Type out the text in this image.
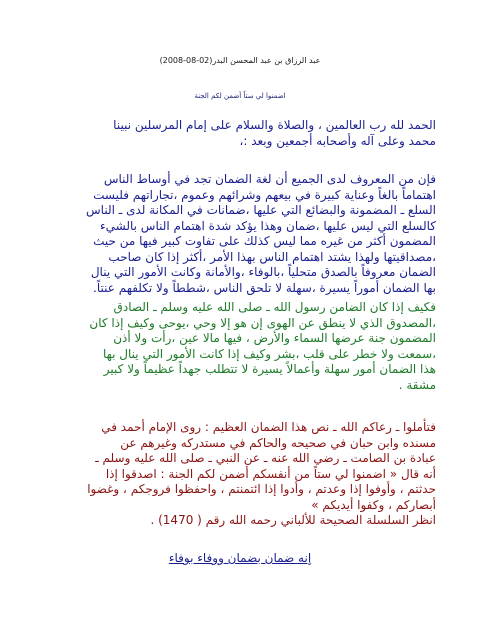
عبد الرزاق بن عبد المحسن البدر(02-08-2008)
اضمنوا لي ستاً أضمن لكم الجنة

الحمد لله رب العالمين ، والصلاة والسلام على إمام المرسلين نبينا
محمد وعلى آله وأصحابه أجمعين وبعد :،

فإن من المعروف لدى الجميع أن لغة الضمان تجد في أوساط الناس
اهتماماً بالغاً وعناية كبيرة في بيعهم وشرائهم وعموم ،تجاراتهم فليست
السلع ـ المضمونة والبضائع التي عليها ،ضمانات في المكانة لدى ـ الناس
كالسلع التي ليس عليها ،ضمان وهذا يؤكد شدة اهتمام الناس بالشيء
المضمون أكثر من غيره مما ليس كذلك على تفاوت كبير فيها من حيث
،مصداقيتها ولهذا يشتد اهتمام الناس بهذا الأمر ،أكثر إذا كان صاحب
الضمان معروفاً بالصدق متحلياً ،بالوفاء ،والأمانة وكانت الأمور التي ينال
بها الضمان أموراً يسيرة ،سهلة لا تلحق الناس ،شططاً ولا تكلفهم عنتاً.

فكيف إذا كان الضامن رسول الله ـ صلى الله عليه وسلم ـ الصادق
،المصدوق الذي لا ينطق عن الهوى إن هو إلا وحي ،يوحى وكيف إذا كان
المضمون جنة عرضها السماء والأرض ، فيها مالا عين ،رأت ولا أذن
،سمعت ولا خطر على قلب ،بشر وكيف إذا كانت الأمور التي ينال بها
هذا الضمان أمور سهلة وأعمالاً يسيرة لا تتطلب جهداً عظيماً ولا كبير
مشقة .

فتأملوا ـ رعاكم الله ـ نص هذا الضمان العظيم : روى الإمام أحمد في
مسنده وابن حبان في صحيحه والحاكم في مستدركه وغيرهم عن
عبادة بن الصامت ـ رضي الله عنه ـ عن النبي ـ صلى الله عليه وسلم ـ
أنه قال « اضمنوا لي ستاً من أنفسكم أضمن لكم الجنة : اصدقوا إذا
حدثتم ، وأوفوا إذا وعدتم ، وأدوا إذا ائتمنتم ، واحفظوا فروجكم ، وغضوا
أبصاركم ، وكفوا أيديكم »
انظر السلسلة الصحيحة للألباني رحمه الله رقم ( 1470) .

إنه ضمان بضمان ووفاء بوفاء
